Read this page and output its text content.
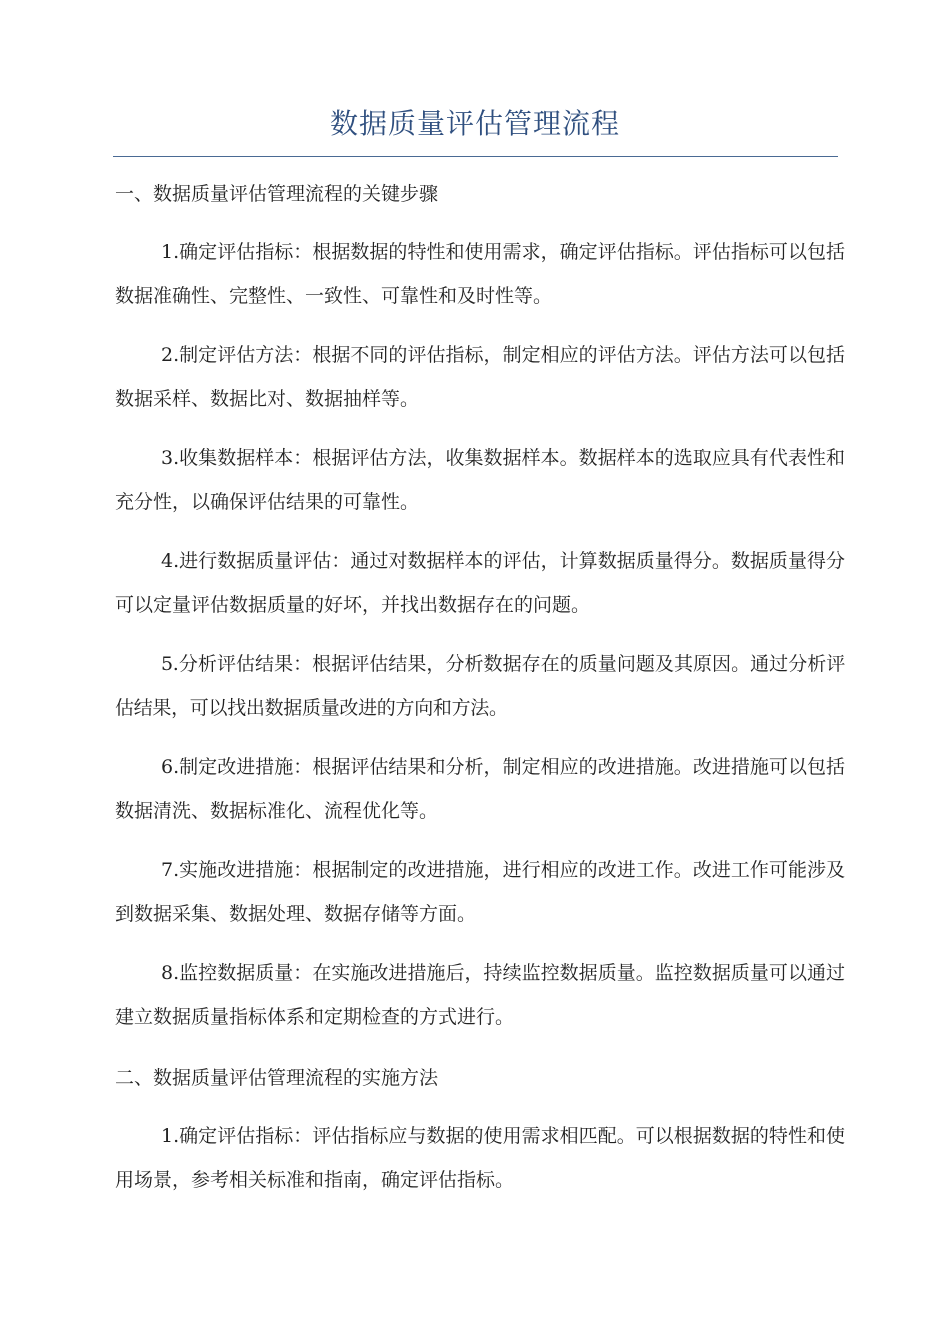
数据质量评估管理流程
一、数据质量评估管理流程的关键步骤

1.确定评估指标：根据数据的特性和使用需求，确定评估指标。评估指标可以包括数据准确性、完整性、一致性、可靠性和及时性等。

2.制定评估方法：根据不同的评估指标，制定相应的评估方法。评估方法可以包括数据采样、数据比对、数据抽样等。

3.收集数据样本：根据评估方法，收集数据样本。数据样本的选取应具有代表性和充分性，以确保评估结果的可靠性。

4.进行数据质量评估：通过对数据样本的评估，计算数据质量得分。数据质量得分可以定量评估数据质量的好坏，并找出数据存在的问题。

5.分析评估结果：根据评估结果，分析数据存在的质量问题及其原因。通过分析评估结果，可以找出数据质量改进的方向和方法。

6.制定改进措施：根据评估结果和分析，制定相应的改进措施。改进措施可以包括数据清洗、数据标准化、流程优化等。

7.实施改进措施：根据制定的改进措施，进行相应的改进工作。改进工作可能涉及到数据采集、数据处理、数据存储等方面。

8.监控数据质量：在实施改进措施后，持续监控数据质量。监控数据质量可以通过建立数据质量指标体系和定期检查的方式进行。

二、数据质量评估管理流程的实施方法

1.确定评估指标：评估指标应与数据的使用需求相匹配。可以根据数据的特性和使用场景，参考相关标准和指南，确定评估指标。
